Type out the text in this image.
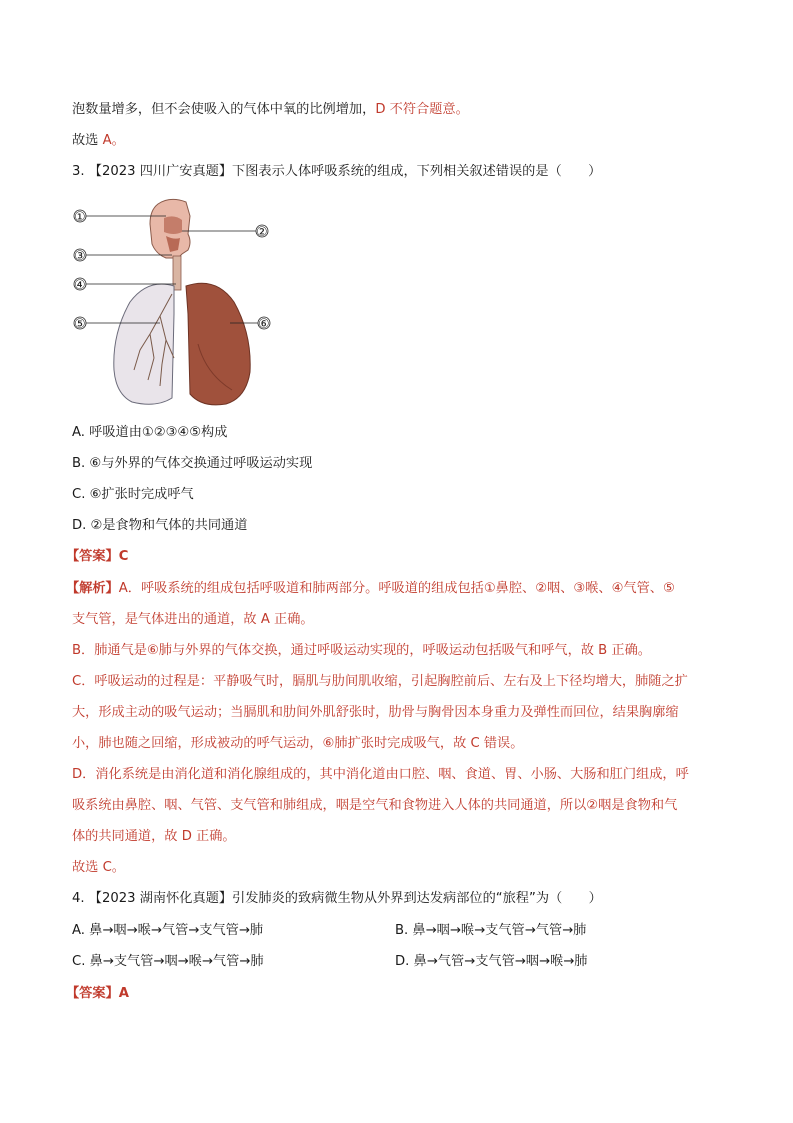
泡数量增多，但不会使吸入的气体中氧的比例增加，D 不符合题意。
故选 A。
3. 【2023 四川广安真题】下图表示人体呼吸系统的组成，下列相关叙述错误的是（　　）
①
②
③
④
⑤	⑥
A. 呼吸道由①②③④⑤构成
B. ⑥与外界的气体交换通过呼吸运动实现
C. ⑥扩张时完成呼气
D. ②是食物和气体的共同通道
【答案】C
【解析】A．呼吸系统的组成包括呼吸道和肺两部分。呼吸道的组成包括①鼻腔、②咽、③喉、④气管、⑤
支气管，是气体进出的通道，故 A 正确。
B．肺通气是⑥肺与外界的气体交换，通过呼吸运动实现的，呼吸运动包括吸气和呼气，故 B 正确。
C．呼吸运动的过程是：平静吸气时，膈肌与肋间肌收缩，引起胸腔前后、左右及上下径均增大，肺随之扩
大，形成主动的吸气运动；当膈肌和肋间外肌舒张时，肋骨与胸骨因本身重力及弹性而回位，结果胸廓缩
小，肺也随之回缩，形成被动的呼气运动，⑥肺扩张时完成吸气，故 C 错误。
D．消化系统是由消化道和消化腺组成的，其中消化道由口腔、咽、食道、胃、小肠、大肠和肛门组成，呼
吸系统由鼻腔、咽、气管、支气管和肺组成，咽是空气和食物进入人体的共同通道，所以②咽是食物和气
体的共同通道，故 D 正确。
故选 C。
4. 【2023 湖南怀化真题】引发肺炎的致病微生物从外界到达发病部位的“旅程”为（　　）
A. 鼻→咽→喉→气管→支气管→肺	B. 鼻→咽→喉→支气管→气管→肺
C. 鼻→支气管→咽→喉→气管→肺	D. 鼻→气管→支气管→咽→喉→肺
【答案】A
